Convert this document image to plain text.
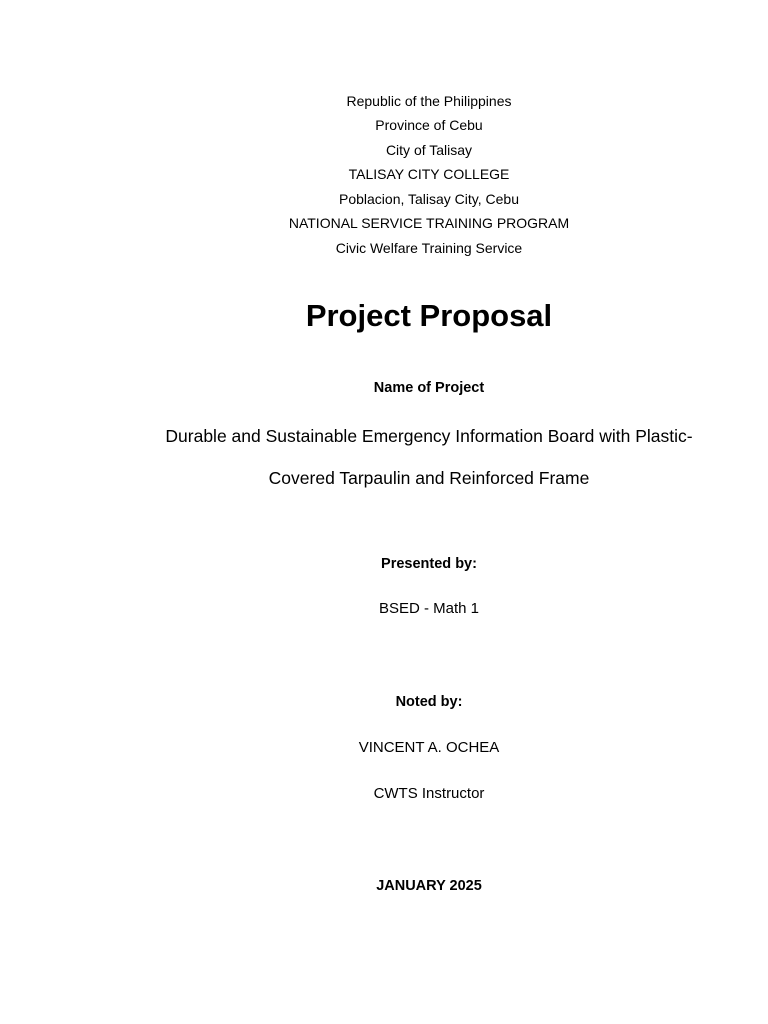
Republic of the Philippines
Province of Cebu
City of Talisay
TALISAY CITY COLLEGE
Poblacion, Talisay City, Cebu
NATIONAL SERVICE TRAINING PROGRAM
Civic Welfare Training Service
Project Proposal
Name of Project
Durable and Sustainable Emergency Information Board with Plastic-
Covered Tarpaulin and Reinforced Frame
Presented by:
BSED - Math 1
Noted by:
VINCENT A. OCHEA
CWTS Instructor
JANUARY 2025
